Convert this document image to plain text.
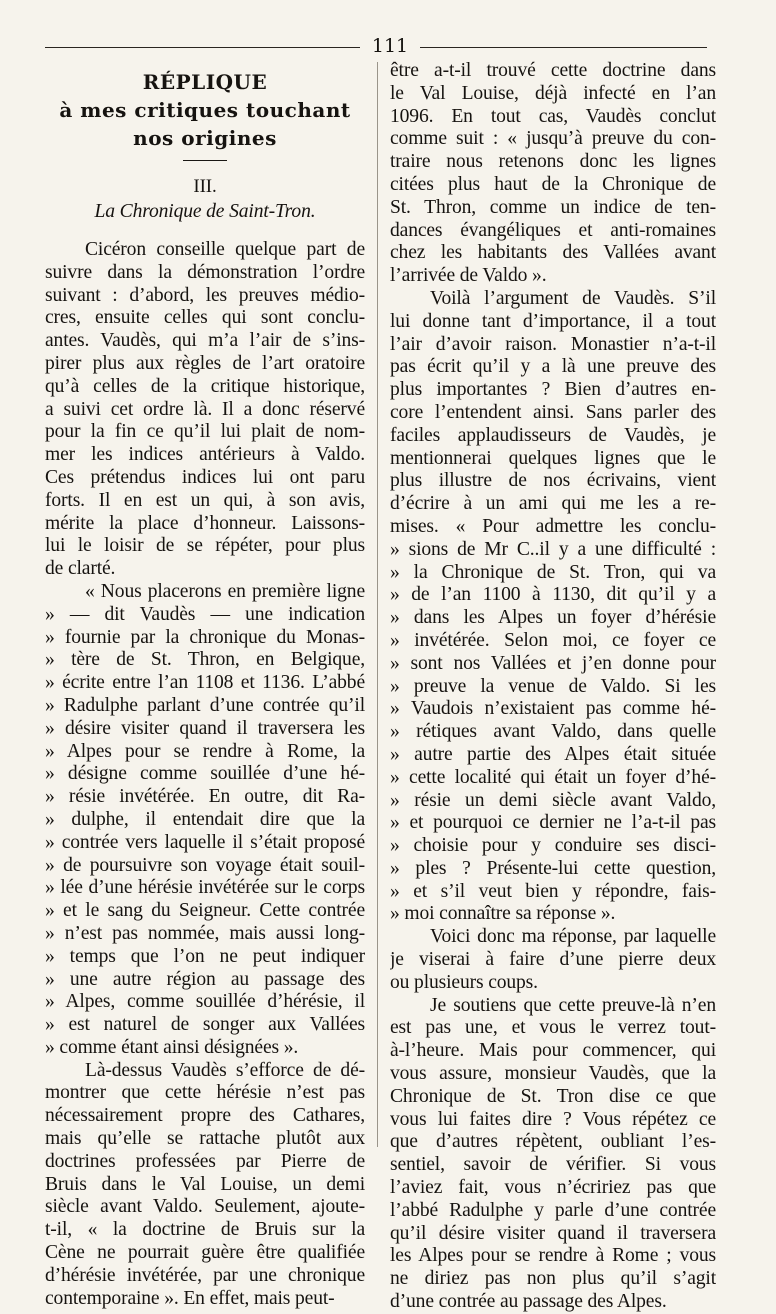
111
RÉPLIQUE
à mes critiques touchant nos origines
III.
La Chronique de Saint-Tron.
Cicéron conseille quelque part de
suivre dans la démonstration l’ordre
suivant : d’abord, les preuves médio-
cres, ensuite celles qui sont conclu-
antes. Vaudès, qui m’a l’air de s’ins-
pirer plus aux règles de l’art oratoire
qu’à celles de la critique historique,
a suivi cet ordre là. Il a donc réservé
pour la fin ce qu’il lui plait de nom-
mer les indices antérieurs à Valdo.
Ces prétendus indices lui ont paru
forts. Il en est un qui, à son avis,
mérite la place d’honneur. Laissons-
lui le loisir de se répéter, pour plus
de clarté.
« Nous placerons en première ligne
» — dit Vaudès — une indication
» fournie par la chronique du Monas-
» tère de St. Thron, en Belgique,
» écrite entre l’an 1108 et 1136. L’abbé
» Radulphe parlant d’une contrée qu’il
» désire visiter quand il traversera les
» Alpes pour se rendre à Rome, la
» désigne comme souillée d’une hé-
» résie invétérée. En outre, dit Ra-
» dulphe, il entendait dire que la
» contrée vers laquelle il s’était proposé
» de poursuivre son voyage était souil-
» lée d’une hérésie invétérée sur le corps
» et le sang du Seigneur. Cette contrée
» n’est pas nommée, mais aussi long-
» temps que l’on ne peut indiquer
» une autre région au passage des
» Alpes, comme souillée d’hérésie, il
» est naturel de songer aux Vallées
» comme étant ainsi désignées ».
Là-dessus Vaudès s’efforce de dé-
montrer que cette hérésie n’est pas
nécessairement propre des Cathares,
mais qu’elle se rattache plutôt aux
doctrines professées par Pierre de
Bruis dans le Val Louise, un demi
siècle avant Valdo. Seulement, ajoute-
t-il, « la doctrine de Bruis sur la
Cène ne pourrait guère être qualifiée
d’hérésie invétérée, par une chronique
contemporaine ». En effet, mais peut-
être a-t-il trouvé cette doctrine dans
le Val Louise, déjà infecté en l’an
1096. En tout cas, Vaudès conclut
comme suit : « jusqu’à preuve du con-
traire nous retenons donc les lignes
citées plus haut de la Chronique de
St. Thron, comme un indice de ten-
dances évangéliques et anti-romaines
chez les habitants des Vallées avant
l’arrivée de Valdo ».
Voilà l’argument de Vaudès. S’il
lui donne tant d’importance, il a tout
l’air d’avoir raison. Monastier n’a-t-il
pas écrit qu’il y a là une preuve des
plus importantes ? Bien d’autres en-
core l’entendent ainsi. Sans parler des
faciles applaudisseurs de Vaudès, je
mentionnerai quelques lignes que le
plus illustre de nos écrivains, vient
d’écrire à un ami qui me les a re-
mises. « Pour admettre les conclu-
» sions de Mr C..il y a une difficulté :
» la Chronique de St. Tron, qui va
» de l’an 1100 à 1130, dit qu’il y a
» dans les Alpes un foyer d’hérésie
» invétérée. Selon moi, ce foyer ce
» sont nos Vallées et j’en donne pour
» preuve la venue de Valdo. Si les
» Vaudois n’existaient pas comme hé-
» rétiques avant Valdo, dans quelle
» autre partie des Alpes était située
» cette localité qui était un foyer d’hé-
» résie un demi siècle avant Valdo,
» et pourquoi ce dernier ne l’a-t-il pas
» choisie pour y conduire ses disci-
» ples ? Présente-lui cette question,
» et s’il veut bien y répondre, fais-
» moi connaître sa réponse ».
Voici donc ma réponse, par laquelle
je viserai à faire d’une pierre deux
ou plusieurs coups.
Je soutiens que cette preuve-là n’en
est pas une, et vous le verrez tout-
à-l’heure. Mais pour commencer, qui
vous assure, monsieur Vaudès, que la
Chronique de St. Tron dise ce que
vous lui faites dire ? Vous répétez ce
que d’autres répètent, oubliant l’es-
sentiel, savoir de vérifier. Si vous
l’aviez fait, vous n’écririez pas que
l’abbé Radulphe y parle d’une contrée
qu’il désire visiter quand il traversera
les Alpes pour se rendre à Rome ; vous
ne diriez pas non plus qu’il s’agit
d’une contrée au passage des Alpes.
